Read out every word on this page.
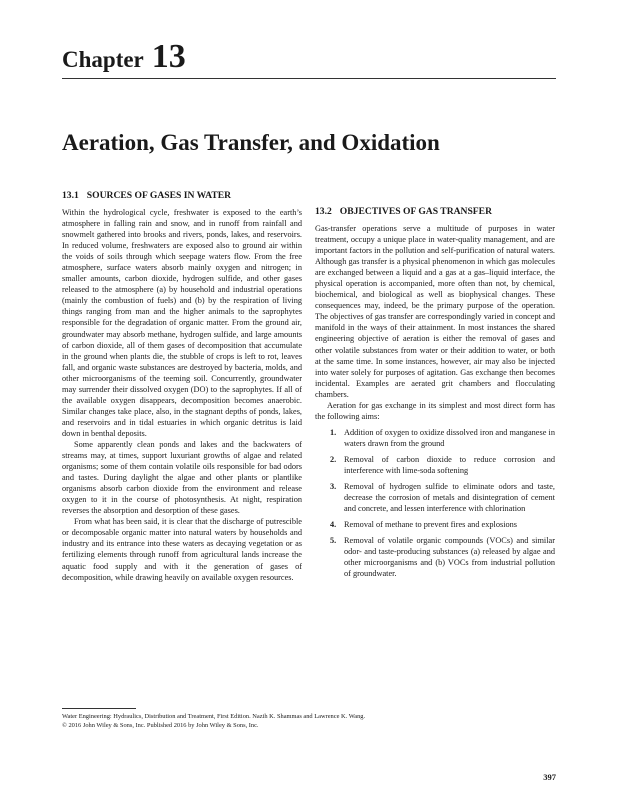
Chapter 13
Aeration, Gas Transfer, and Oxidation
13.1 SOURCES OF GASES IN WATER

Within the hydrological cycle, freshwater is exposed to the earth’s atmosphere in falling rain and snow, and in runoff from rainfall and snowmelt gathered into brooks and rivers, ponds, lakes, and reservoirs. In reduced volume, freshwaters are exposed also to ground air within the voids of soils through which seepage waters flow. From the free atmosphere, surface waters absorb mainly oxygen and nitrogen; in smaller amounts, carbon dioxide, hydrogen sulfide, and other gases released to the atmosphere (a) by household and industrial operations (mainly the combustion of fuels) and (b) by the respiration of living things ranging from man and the higher animals to the saprophytes responsible for the degradation of organic matter. From the ground air, groundwater may absorb methane, hydrogen sulfide, and large amounts of carbon dioxide, all of them gases of decomposition that accumulate in the ground when plants die, the stubble of crops is left to rot, leaves fall, and organic waste substances are destroyed by bacteria, molds, and other microorganisms of the teeming soil. Concurrently, groundwater may surrender their dissolved oxygen (DO) to the saprophytes. If all of the available oxygen disappears, decomposition becomes anaerobic. Similar changes take place, also, in the stagnant depths of ponds, lakes, and reservoirs and in tidal estuaries in which organic detritus is laid down in benthal deposits.

Some apparently clean ponds and lakes and the backwaters of streams may, at times, support luxuriant growths of algae and related organisms; some of them contain volatile oils responsible for bad odors and tastes. During daylight the algae and other plants or plantlike organisms absorb carbon dioxide from the environment and release oxygen to it in the course of photosynthesis. At night, respiration reverses the absorption and desorption of these gases.

From what has been said, it is clear that the discharge of putrescible or decomposable organic matter into natural waters by households and industry and its entrance into these waters as decaying vegetation or as fertilizing elements through runoff from agricultural lands increase the aquatic food supply and with it the generation of gases of decomposition, while drawing heavily on available oxygen resources.

13.2 OBJECTIVES OF GAS TRANSFER

Gas-transfer operations serve a multitude of purposes in water treatment, occupy a unique place in water-quality management, and are important factors in the pollution and self-purification of natural waters. Although gas transfer is a physical phenomenon in which gas molecules are exchanged between a liquid and a gas at a gas–liquid interface, the physical operation is accompanied, more often than not, by chemical, biochemical, and biological as well as biophysical changes. These consequences may, indeed, be the primary purpose of the operation. The objectives of gas transfer are correspondingly varied in concept and manifold in the ways of their attainment. In most instances the shared engineering objective of aeration is either the removal of gases and other volatile substances from water or their addition to water, or both at the same time. In some instances, however, air may also be injected into water solely for purposes of agitation. Gas exchange then becomes incidental. Examples are aerated grit chambers and flocculating chambers.

Aeration for gas exchange in its simplest and most direct form has the following aims:

1. Addition of oxygen to oxidize dissolved iron and manganese in waters drawn from the ground
2. Removal of carbon dioxide to reduce corrosion and interference with lime-soda softening
3. Removal of hydrogen sulfide to eliminate odors and taste, decrease the corrosion of metals and disintegration of cement and concrete, and lessen interference with chlorination
4. Removal of methane to prevent fires and explosions
5. Removal of volatile organic compounds (VOCs) and similar odor- and taste-producing substances (a) released by algae and other microorganisms and (b) VOCs from industrial pollution of groundwater.
Water Engineering: Hydraulics, Distribution and Treatment, First Edition. Nazih K. Shammas and Lawrence K. Wang.
© 2016 John Wiley & Sons, Inc. Published 2016 by John Wiley & Sons, Inc.
397
